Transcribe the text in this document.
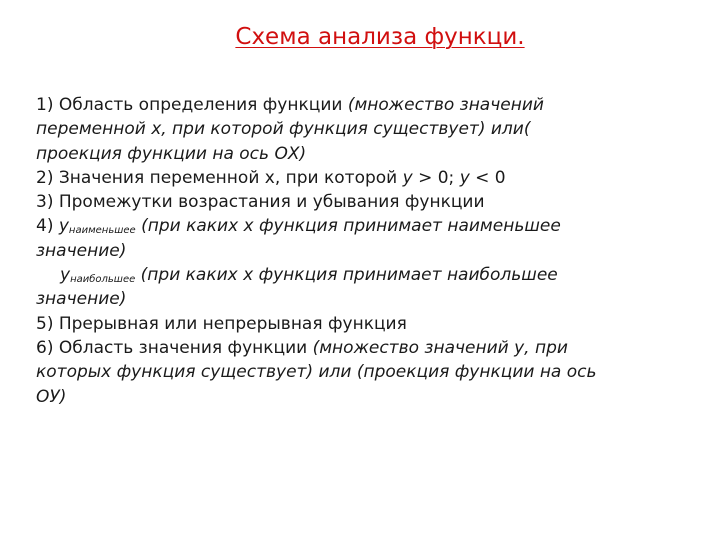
Схема анализа функци.
1) Область определения функции (множество значений
переменной х, при которой функция существует) или(
проекция функции на ось ОХ)
2) Значения переменной х, при которой у > 0; у < 0
3) Промежутки возрастания и убывания функции
4) $у_{наименьшее}$ (при каких х функция принимает наименьшее
значение)
$у_{наибольшее}$ (при каких х функция принимает наибольшее
значение)
5) Прерывная или непрерывная функция
6) Область значения функции (множество значений у, при
которых функция существует) или (проекция функции на ось
ОУ)
